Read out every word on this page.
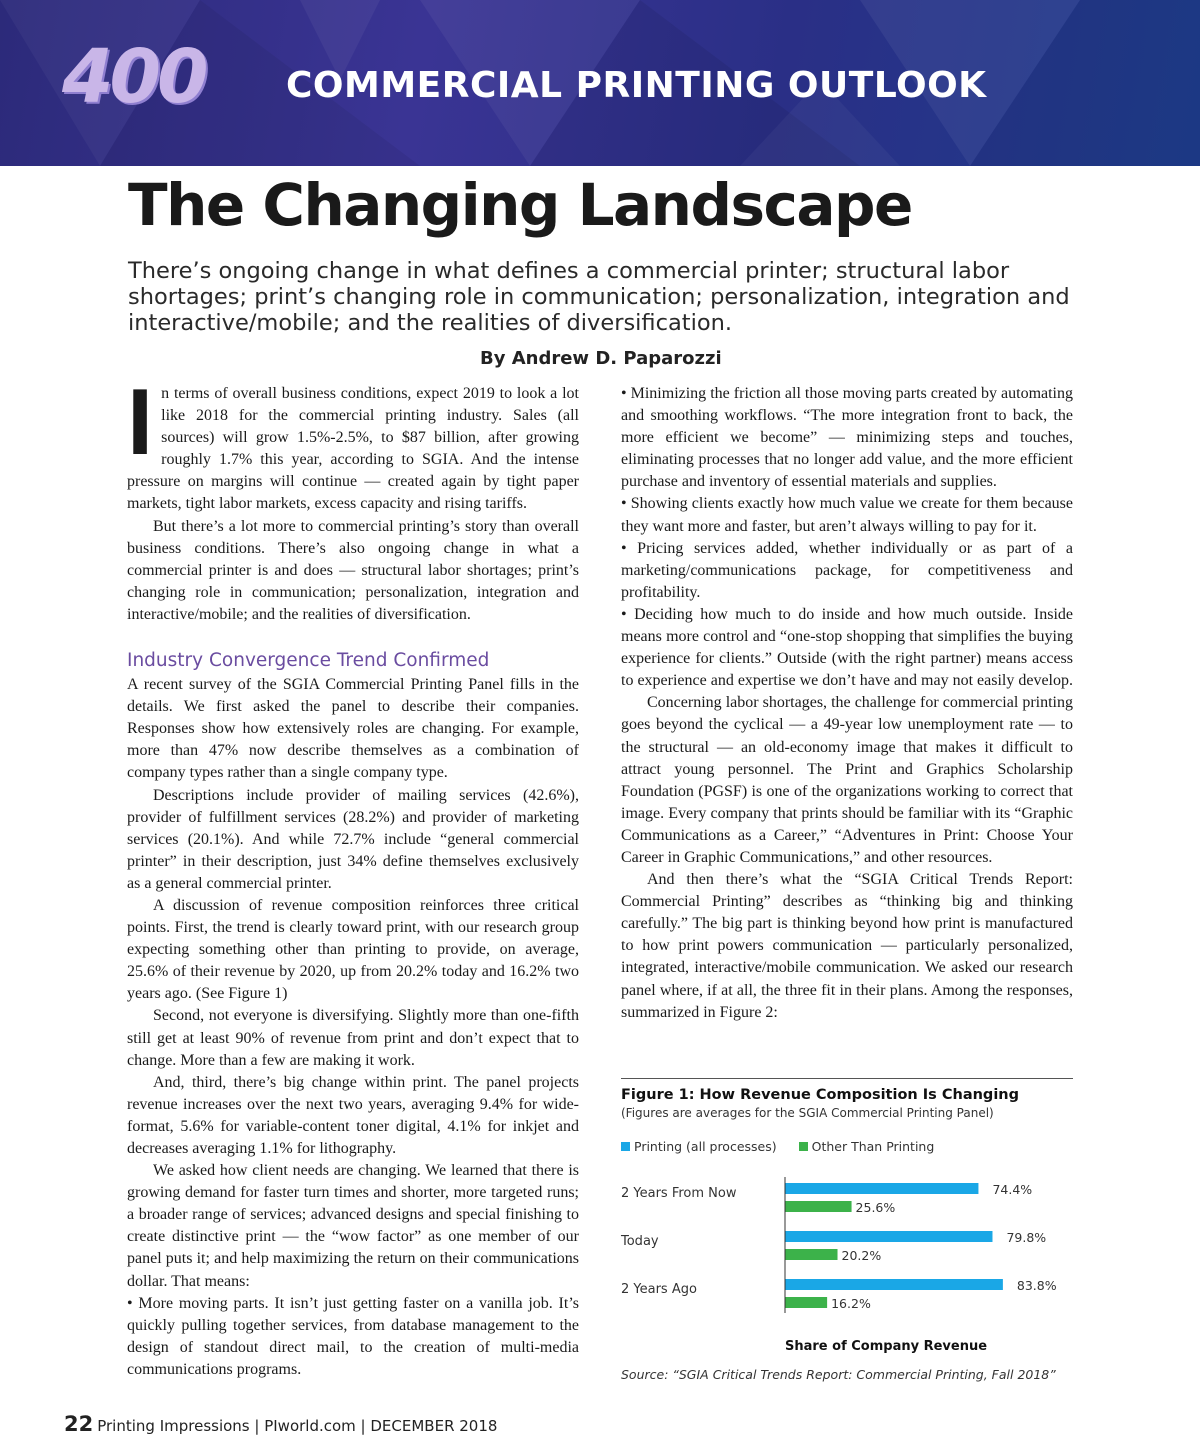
400 COMMERCIAL PRINTING OUTLOOK
The Changing Landscape
There’s ongoing change in what defines a commercial printer; structural labor shortages; print’s changing role in communication; personalization, integration and interactive/mobile; and the realities of diversification.
By Andrew D. Paparozzi

In terms of overall business conditions, expect 2019 to look a lot like 2018 for the commercial printing industry. Sales (all sources) will grow 1.5%-2.5%, to $87 billion, after growing roughly 1.7% this year, according to SGIA. And the intense pressure on margins will continue — created again by tight paper markets, tight labor markets, excess capacity and rising tariffs.

But there’s a lot more to commercial printing’s story than overall business conditions. There’s also ongoing change in what a commercial printer is and does — structural labor shortages; print’s changing role in communication; personalization, integration and interactive/mobile; and the realities of diversification.

Industry Convergence Trend Confirmed

A recent survey of the SGIA Commercial Printing Panel fills in the details. We first asked the panel to describe their companies. Responses show how extensively roles are changing. For example, more than 47% now describe themselves as a combination of company types rather than a single company type.

Descriptions include provider of mailing services (42.6%), provider of fulfillment services (28.2%) and provider of marketing services (20.1%). And while 72.7% include “general commercial printer” in their description, just 34% define themselves exclusively as a general commercial printer.

A discussion of revenue composition reinforces three critical points. First, the trend is clearly toward print, with our research group expecting something other than printing to provide, on average, 25.6% of their revenue by 2020, up from 20.2% today and 16.2% two years ago. (See Figure 1)

Second, not everyone is diversifying. Slightly more than one-fifth still get at least 90% of revenue from print and don’t expect that to change. More than a few are making it work.

And, third, there’s big change within print. The panel projects revenue increases over the next two years, averaging 9.4% for wide-format, 5.6% for variable-content toner digital, 4.1% for inkjet and decreases averaging 1.1% for lithography.

We asked how client needs are changing. We learned that there is growing demand for faster turn times and shorter, more targeted runs; a broader range of services; advanced designs and special finishing to create distinctive print — the “wow factor” as one member of our panel puts it; and help maximizing the return on their communications dollar. That means:

• More moving parts. It isn’t just getting faster on a vanilla job. It’s quickly pulling together services, from database management to the design of standout direct mail, to the creation of multi-media communications programs.

• Minimizing the friction all those moving parts created by automating and smoothing workflows. “The more integration front to back, the more efficient we become” — minimizing steps and touches, eliminating processes that no longer add value, and the more efficient purchase and inventory of essential materials and supplies.

• Showing clients exactly how much value we create for them because they want more and faster, but aren’t always willing to pay for it.

• Pricing services added, whether individually or as part of a marketing/communications package, for competitiveness and profitability.

• Deciding how much to do inside and how much outside. Inside means more control and “one-stop shopping that simplifies the buying experience for clients.” Outside (with the right partner) means access to experience and expertise we don’t have and may not easily develop.

Concerning labor shortages, the challenge for commercial printing goes beyond the cyclical — a 49-year low unemployment rate — to the structural — an old-economy image that makes it difficult to attract young personnel. The Print and Graphics Scholarship Foundation (PGSF) is one of the organizations working to correct that image. Every company that prints should be familiar with its “Graphic Communications as a Career,” “Adventures in Print: Choose Your Career in Graphic Communications,” and other resources.

And then there’s what the “SGIA Critical Trends Report: Commercial Printing” describes as “thinking big and thinking carefully.” The big part is thinking beyond how print is manufactured to how print powers communication — particularly personalized, integrated, interactive/mobile communication. We asked our research panel where, if at all, the three fit in their plans. Among the responses, summarized in Figure 2:

Figure 1: How Revenue Composition Is Changing
(Figures are averages for the SGIA Commercial Printing Panel)
Printing (all processes)	Other Than Printing
2 Years From Now	74.4%
25.6%
Today	79.8%
20.2%
2 Years Ago	83.8%
16.2%
Share of Company Revenue
Source: “SGIA Critical Trends Report: Commercial Printing, Fall 2018”
22 Printing Impressions | PIworld.com | DECEMBER 2018
